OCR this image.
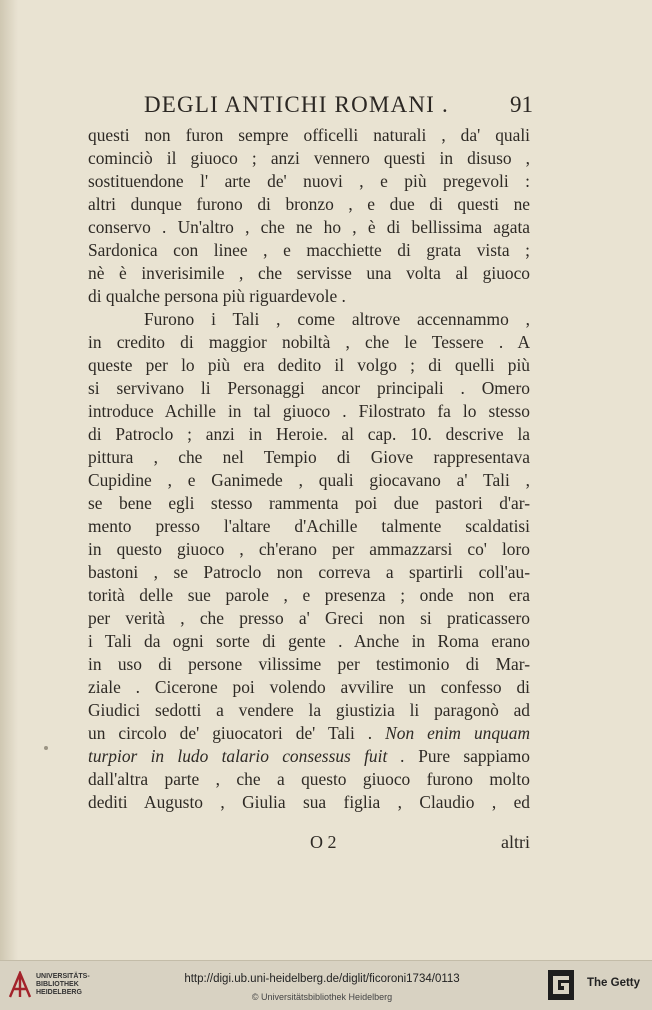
DEGLI ANTICHI ROMANI .	91
questi non furon sempre officelli naturali , da' quali
cominciò il giuoco ; anzi vennero questi in disuso ,
sostituendone l' arte de' nuovi , e più pregevoli :
altri dunque furono di bronzo , e due di questi ne
conservo . Un'altro , che ne ho , è di bellissima agata
Sardonica con linee , e macchiette di grata vista ;
nè è inverisimile , che servisse una volta al giuoco
di qualche persona più riguardevole .
Furono i Tali , come altrove accennammo ,
in credito di maggior nobiltà , che le Tessere . A
queste per lo più era dedito il volgo ; di quelli più
si servivano li Personaggi ancor principali . Omero
introduce Achille in tal giuoco . Filostrato fa lo stesso
di Patroclo ; anzi in Heroie. al cap. 10. descrive la
pittura , che nel Tempio di Giove rappresentava
Cupidine , e Ganimede , quali giocavano a' Tali ,
se bene egli stesso rammenta poi due pastori d'ar-
mento presso l'altare d'Achille talmente scaldatisi
in questo giuoco , ch'erano per ammazzarsi co' loro
bastoni , se Patroclo non correva a spartirli coll'au-
torità delle sue parole , e presenza ; onde non era
per verità , che presso a' Greci non si praticassero
i Tali da ogni sorte di gente . Anche in Roma erano
in uso di persone vilissime per testimonio di Mar-
ziale . Cicerone poi volendo avvilire un confesso di
Giudici sedotti a vendere la giustizia li paragonò ad
un circolo de' giuocatori de' Tali . Non enim unquam
turpior in ludo talario consessus fuit . Pure sappiamo
dall'altra parte , che a questo giuoco furono molto
dediti Augusto , Giulia sua figlia , Claudio , ed
O 2	altri
UNIVERSITÄTS-
BIBLIOTHEK
HEIDELBERG
http://digi.ub.uni-heidelberg.de/diglit/ficoroni1734/0113
© Universitätsbibliothek Heidelberg
The Getty
